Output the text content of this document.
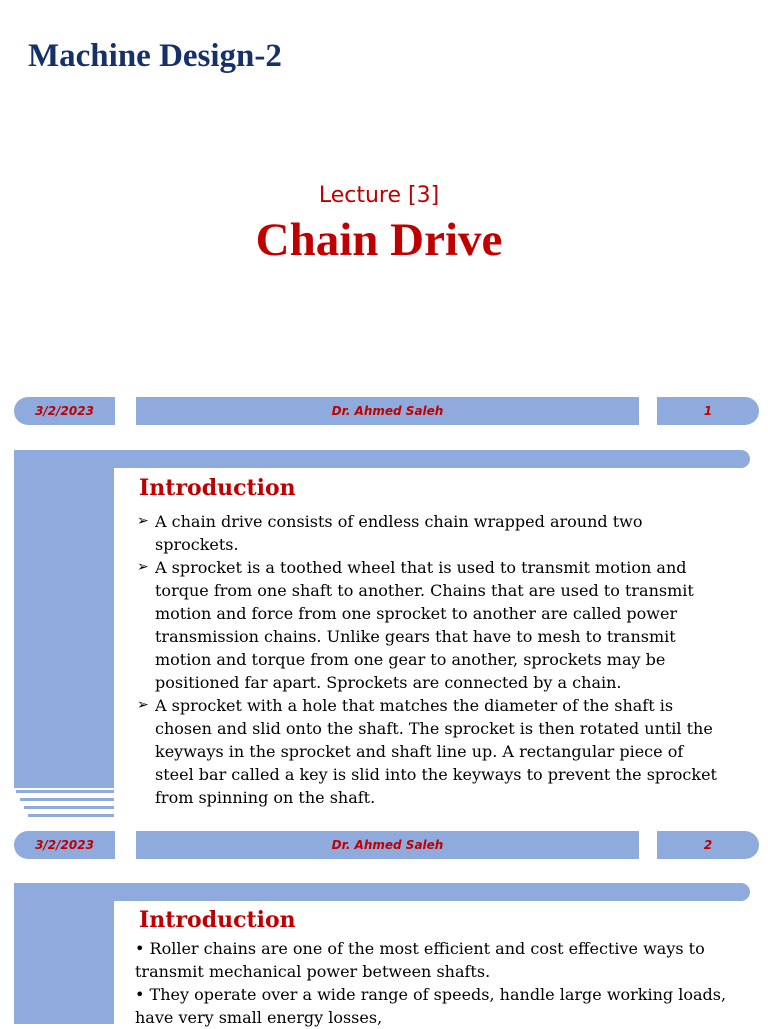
Machine Design-2
Lecture [3]
Chain Drive
3/2/2023	Dr. Ahmed Saleh	1
Introduction
➢ A chain drive consists of endless chain wrapped around two sprockets.
➢ A sprocket is a toothed wheel that is used to transmit motion and torque from one shaft to another. Chains that are used to transmit motion and force from one sprocket to another are called power transmission chains. Unlike gears that have to mesh to transmit motion and torque from one gear to another, sprockets may be positioned far apart. Sprockets are connected by a chain.
➢ A sprocket with a hole that matches the diameter of the shaft is chosen and slid onto the shaft. The sprocket is then rotated until the keyways in the sprocket and shaft line up. A rectangular piece of steel bar called a key is slid into the keyways to prevent the sprocket from spinning on the shaft.
3/2/2023	Dr. Ahmed Saleh	2
Introduction
• Roller chains are one of the most efficient and cost effective ways to transmit mechanical power between shafts.
• They operate over a wide range of speeds, handle large working loads, have very small energy losses,
